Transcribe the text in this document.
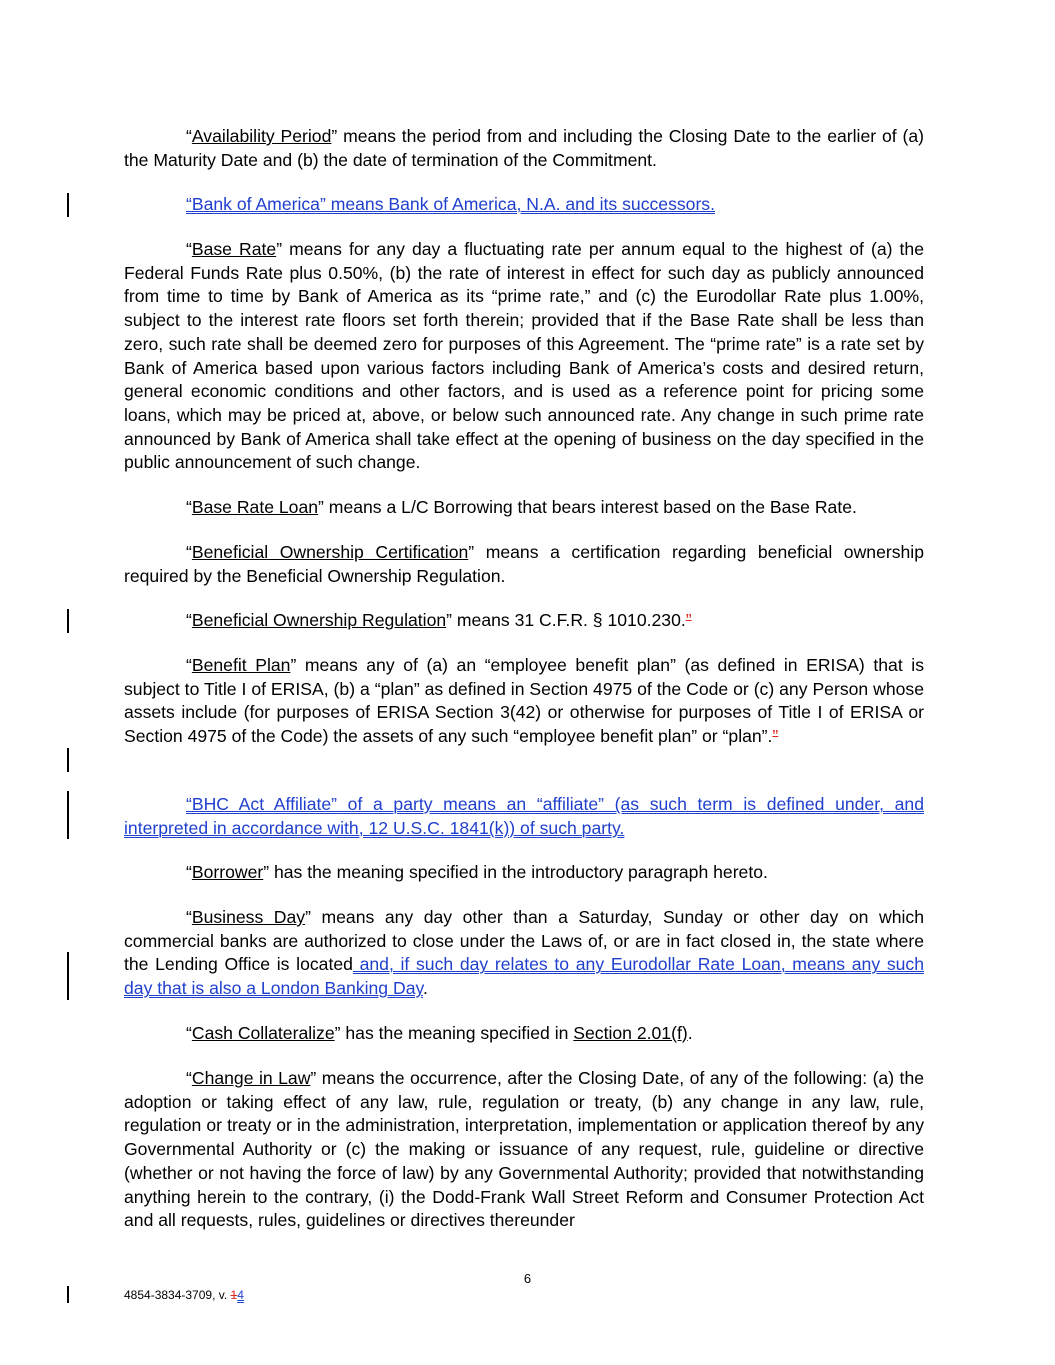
“Availability Period” means the period from and including the Closing Date to the earlier of (a) the Maturity Date and (b) the date of termination of the Commitment.

“Bank of America” means Bank of America, N.A. and its successors.

“Base Rate” means for any day a fluctuating rate per annum equal to the highest of (a) the Federal Funds Rate plus 0.50%, (b) the rate of interest in effect for such day as publicly announced from time to time by Bank of America as its “prime rate,” and (c) the Eurodollar Rate plus 1.00%, subject to the interest rate floors set forth therein; provided that if the Base Rate shall be less than zero, such rate shall be deemed zero for purposes of this Agreement. The “prime rate” is a rate set by Bank of America based upon various factors including Bank of America’s costs and desired return, general economic conditions and other factors, and is used as a reference point for pricing some loans, which may be priced at, above, or below such announced rate. Any change in such prime rate announced by Bank of America shall take effect at the opening of business on the day specified in the public announcement of such change.

“Base Rate Loan” means a L/C Borrowing that bears interest based on the Base Rate.

“Beneficial Ownership Certification” means a certification regarding beneficial ownership required by the Beneficial Ownership Regulation.

“Beneficial Ownership Regulation” means 31 C.F.R. § 1010.230.”

“Benefit Plan” means any of (a) an “employee benefit plan” (as defined in ERISA) that is subject to Title I of ERISA, (b) a “plan” as defined in Section 4975 of the Code or (c) any Person whose assets include (for purposes of ERISA Section 3(42) or otherwise for purposes of Title I of ERISA or Section 4975 of the Code) the assets of any such “employee benefit plan” or “plan”.”

“BHC Act Affiliate” of a party means an “affiliate” (as such term is defined under, and interpreted in accordance with, 12 U.S.C. 1841(k)) of such party.

“Borrower” has the meaning specified in the introductory paragraph hereto.

“Business Day” means any day other than a Saturday, Sunday or other day on which commercial banks are authorized to close under the Laws of, or are in fact closed in, the state where the Lending Office is located and, if such day relates to any Eurodollar Rate Loan, means any such day that is also a London Banking Day.

“Cash Collateralize” has the meaning specified in Section 2.01(f).

“Change in Law” means the occurrence, after the Closing Date, of any of the following: (a) the adoption or taking effect of any law, rule, regulation or treaty, (b) any change in any law, rule, regulation or treaty or in the administration, interpretation, implementation or application thereof by any Governmental Authority or (c) the making or issuance of any request, rule, guideline or directive (whether or not having the force of law) by any Governmental Authority; provided that notwithstanding anything herein to the contrary, (i) the Dodd-Frank Wall Street Reform and Consumer Protection Act and all requests, rules, guidelines or directives thereunder

6
4854-3834-3709, v. 14
